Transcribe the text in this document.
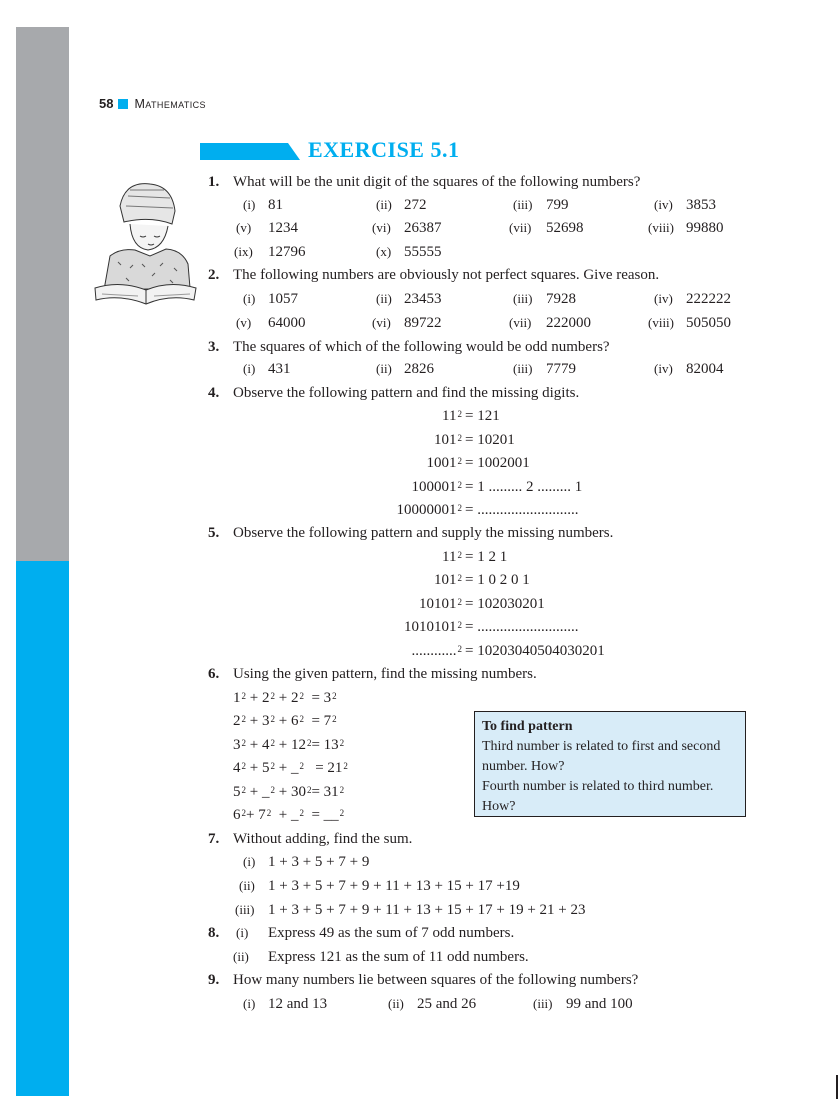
58 Mathematics
EXERCISE 5.1
1. What will be the unit digit of the squares of the following numbers?
(i) 81	(ii) 272	(iii) 799	(iv) 3853
(v) 1234	(vi) 26387	(vii) 52698	(viii) 99880
(ix) 12796	(x) 55555
2. The following numbers are obviously not perfect squares. Give reason.
(i) 1057	(ii) 23453	(iii) 7928	(iv) 222222
(v) 64000	(vi) 89722	(vii) 222000	(viii) 505050
3. The squares of which of the following would be odd numbers?
(i) 431	(ii) 2826	(iii) 7779	(iv) 82004
4. Observe the following pattern and find the missing digits.
$11^2 = 121$
$101^2 = 10201$
$1001^2 = 1002001$
$100001^2 = 1$ ......... 2 ......... 1
$10000001^2$ = ...........................
5. Observe the following pattern and supply the missing numbers.
$11^2 = 1$ 2 1
$101^2 = 1$ 0 2 0 1
$10101^2 = 102030201$
$1010101^2$ = ...........................
............$^2$ = 10203040504030201
6. Using the given pattern, find the missing numbers.
$1^2 + 2^2 + 2^2 = 3^2$
$2^2 + 3^2 + 6^2 = 7^2$
$3^2 + 4^2 + 12^2= 13^2$
$4^2 + 5^2$ + _$^2$ = $21^2$
$5^2$ + _$^2$ + $30^2= 31^2$
$6^2+ 7^2$ + _$^2$ = __$^2$
To find pattern
Third number is related to first and second number. How?
Fourth number is related to third number. How?
7. Without adding, find the sum.
(i) 1 + 3 + 5 + 7 + 9
(ii) 1 + 3 + 5 + 7 + 9 + 11 + 13 + 15 + 17 +19
(iii) 1 + 3 + 5 + 7 + 9 + 11 + 13 + 15 + 17 + 19 + 21 + 23
8. (i) Express 49 as the sum of 7 odd numbers.
(ii) Express 121 as the sum of 11 odd numbers.
9. How many numbers lie between squares of the following numbers?
(i) 12 and 13	(ii) 25 and 26	(iii) 99 and 100
